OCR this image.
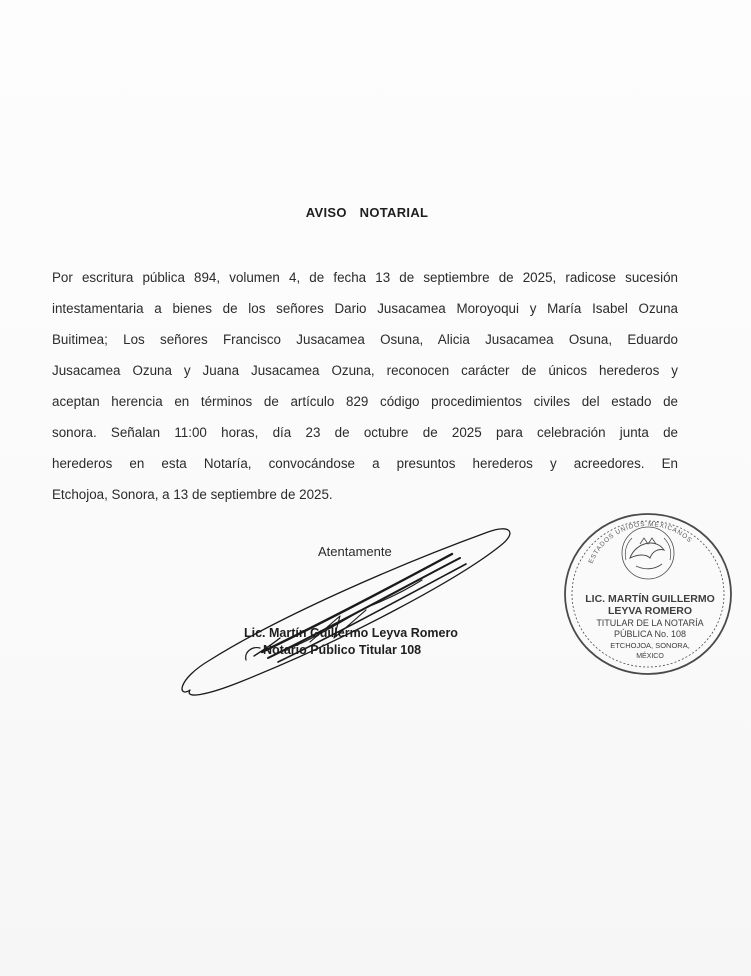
AVISO NOTARIAL
Por escritura pública 894, volumen 4, de fecha 13 de septiembre de 2025, radicose sucesión
intestamentaria a bienes de los señores Dario Jusacamea Moroyoqui y María Isabel Ozuna
Buitimea; Los señores Francisco Jusacamea Osuna, Alicia Jusacamea Osuna, Eduardo
Jusacamea Ozuna y Juana Jusacamea Ozuna, reconocen carácter de únicos herederos y
aceptan herencia en términos de artículo 829 código procedimientos civiles del estado de
sonora. Señalan 11:00 horas, día 23 de octubre de 2025 para celebración junta de
herederos en esta Notaría, convocándose a presuntos herederos y acreedores. En
Etchojoa, Sonora, a 13 de septiembre de 2025.
Atentamente
Lic. Martín Guillermo Leyva Romero
Notario Público Titular 108
ESTADOS UNIDOS MEXICANOS
LIC. MARTÍN GUILLERMO
LEYVA ROMERO
TITULAR DE LA NOTARÍA
PÚBLICA No. 108
ETCHOJOA, SONORA,
MÉXICO
